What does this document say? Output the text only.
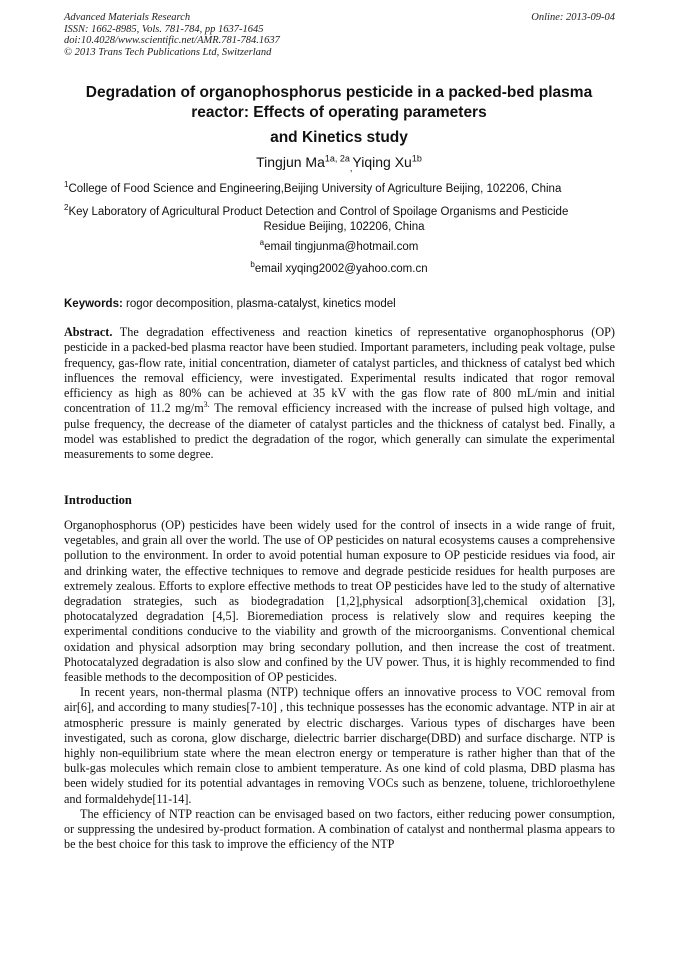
Advanced Materials Research
ISSN: 1662-8985, Vols. 781-784, pp 1637-1645
doi:10.4028/www.scientific.net/AMR.781-784.1637
© 2013 Trans Tech Publications Ltd, Switzerland
Online: 2013-09-04
Degradation of organophosphorus pesticide in a packed-bed plasma
reactor: Effects of operating parameters
and Kinetics study
Tingjun $Ma^{1a, 2a}_,Yiqing$ $Xu^{1b}$
$^1$College of Food Science and Engineering,Beijing University of Agriculture Beijing, 102206, China
$^2$Key Laboratory of Agricultural Product Detection and Control of Spoilage Organisms and Pesticide
Residue Beijing, 102206, China
$^a$email tingjunma@hotmail.com
$^b$email xyqing2002@yahoo.com.cn
Keywords: rogor decomposition, plasma-catalyst, kinetics model
Abstract. The degradation effectiveness and reaction kinetics of representative organophosphorus (OP) pesticide in a packed-bed plasma reactor have been studied. Important parameters, including peak voltage, pulse frequency, gas-flow rate, initial concentration, diameter of catalyst particles, and thickness of catalyst bed which influences the removal efficiency, were investigated. Experimental results indicated that rogor removal efficiency as high as 80% can be achieved at 35 kV with the gas flow rate of 800 mL/min and initial concentration of 11.2 $mg/m^{3.}$ The removal efficiency increased with the increase of pulsed high voltage, and pulse frequency, the decrease of the diameter of catalyst particles and the thickness of catalyst bed. Finally, a model was established to predict the degradation of the rogor, which generally can simulate the experimental measurements to some degree.
Introduction

Organophosphorus (OP) pesticides have been widely used for the control of insects in a wide range of fruit, vegetables, and grain all over the world. The use of OP pesticides on natural ecosystems causes a comprehensive pollution to the environment. In order to avoid potential human exposure to OP pesticide residues via food, air and drinking water, the effective techniques to remove and degrade pesticide residues for health purposes are extremely zealous. Efforts to explore effective methods to treat OP pesticides have led to the study of alternative degradation strategies, such as biodegradation [1,2],physical adsorption[3],chemical oxidation [3], photocatalyzed degradation [4,5]. Bioremediation process is relatively slow and requires keeping the experimental conditions conducive to the viability and growth of the microorganisms. Conventional chemical oxidation and physical adsorption may bring secondary pollution, and then increase the cost of treatment. Photocatalyzed degradation is also slow and confined by the UV power. Thus, it is highly recommended to find feasible methods to the decomposition of OP pesticides.

In recent years, non-thermal plasma (NTP) technique offers an innovative process to VOC removal from air[6], and according to many studies[7-10] , this technique possesses has the economic advantage. NTP in air at atmospheric pressure is mainly generated by electric discharges. Various types of discharges have been investigated, such as corona, glow discharge, dielectric barrier discharge(DBD) and surface discharge. NTP is highly non-equilibrium state where the mean electron energy or temperature is rather higher than that of the bulk-gas molecules which remain close to ambient temperature. As one kind of cold plasma, DBD plasma has been widely studied for its potential advantages in removing VOCs such as benzene, toluene, trichloroethylene and formaldehyde[11-14].

The efficiency of NTP reaction can be envisaged based on two factors, either reducing power consumption, or suppressing the undesired by-product formation. A combination of catalyst and nonthermal plasma appears to be the best choice for this task to improve the efficiency of the NTP
